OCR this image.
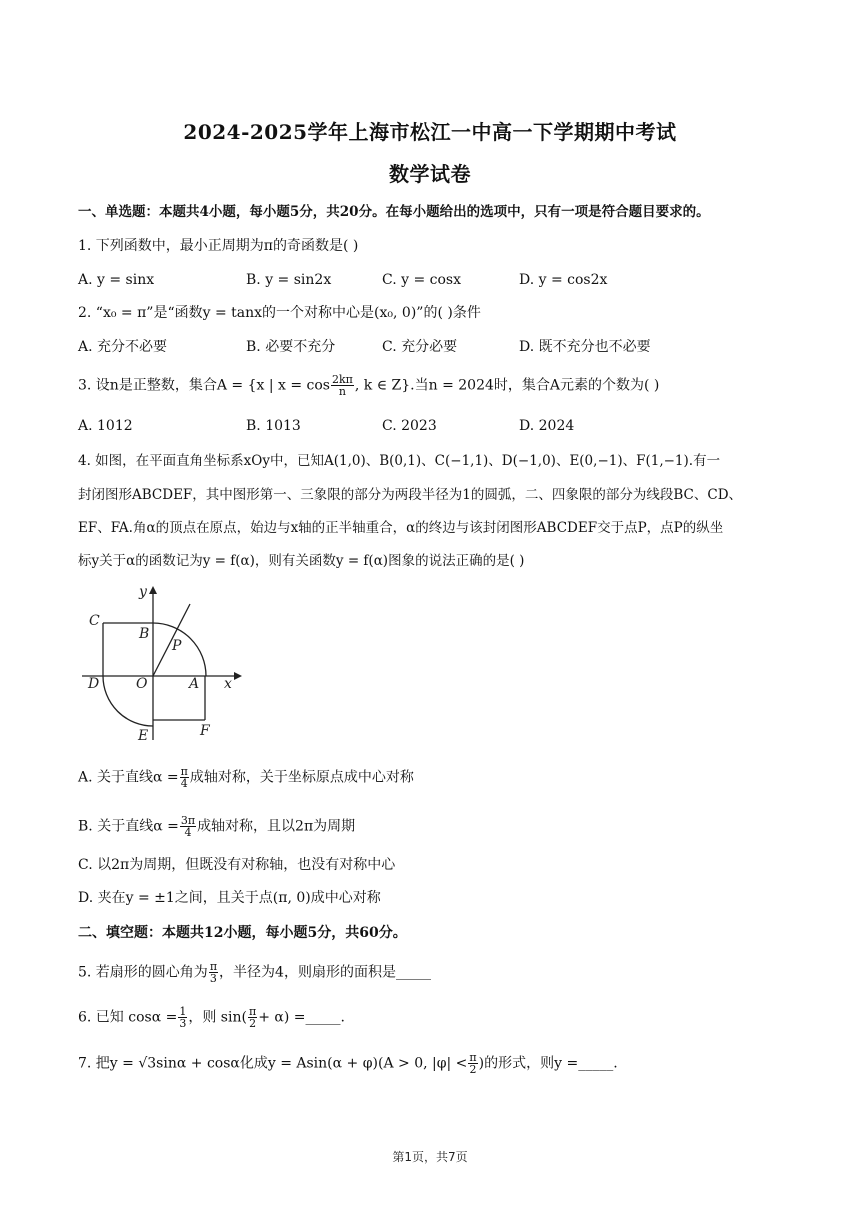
2024-2025学年上海市松江一中高一下学期期中考试
数学试卷
一、单选题：本题共4小题，每小题5分，共20分。在每小题给出的选项中，只有一项是符合题目要求的。
1. 下列函数中，最小正周期为π的奇函数是( )
A. y = sinx	B. y = sin2x	C. y = cosx	D. y = cos2x
2. “x₀ = π”是“函数y = tanx的一个对称中心是(x₀, 0)”的( )条件
A. 充分不必要	B. 必要不充分	C. 充分必要	D. 既不充分也不必要
3. 设n是正整数，集合A = {x | $x = \cos \frac{2k\pi}{n}$ , k ∈ Z}.当n = 2024时，集合A元素的个数为( )
A. 1012	B. 1013	C. 2023	D. 2024
4. 如图，在平面直角坐标系xOy中，已知A(1,0)、B(0,1)、C(−1,1)、D(−1,0)、E(0,−1)、F(1,−1).有一
封闭图形ABCDEF，其中图形第一、三象限的部分为两段半径为1的圆弧，二、四象限的部分为线段BC、CD、
EF、FA.角α的顶点在原点，始边与x轴的正半轴重合，α的终边与该封闭图形ABCDEF交于点P，点P的纵坐
标y关于α的函数记为y = f(α)，则有关函数y = f(α)图象的说法正确的是( )
C
B
P
D	O	A x
y
E	F
A. 关于直线$\alpha = \frac{\pi}{4}$ 成轴对称，关于坐标原点成中心对称
B. 关于直线$\alpha = \frac{3\pi}{4}$ 成轴对称，且以2π为周期
C. 以2π为周期，但既没有对称轴，也没有对称中心
D. 夹在y = ±1之间，且关于点(π, 0)成中心对称
二、填空题：本题共12小题，每小题5分，共60分。
5. 若扇形的圆心角为 $\frac{\pi}{3}$ ，半径为4，则扇形的面积是_____
6. 已知 $\cos\alpha = \frac{1}{3}$ ，则 $\sin( \frac{\pi}{2} + \alpha)$ =_____.
7. 把y = √3sinα + cosα化成y = Asin(α + φ)(A > 0, $|\varphi| < \frac{\pi}{2}$ )的形式，则y =_____.
第1页，共7页
